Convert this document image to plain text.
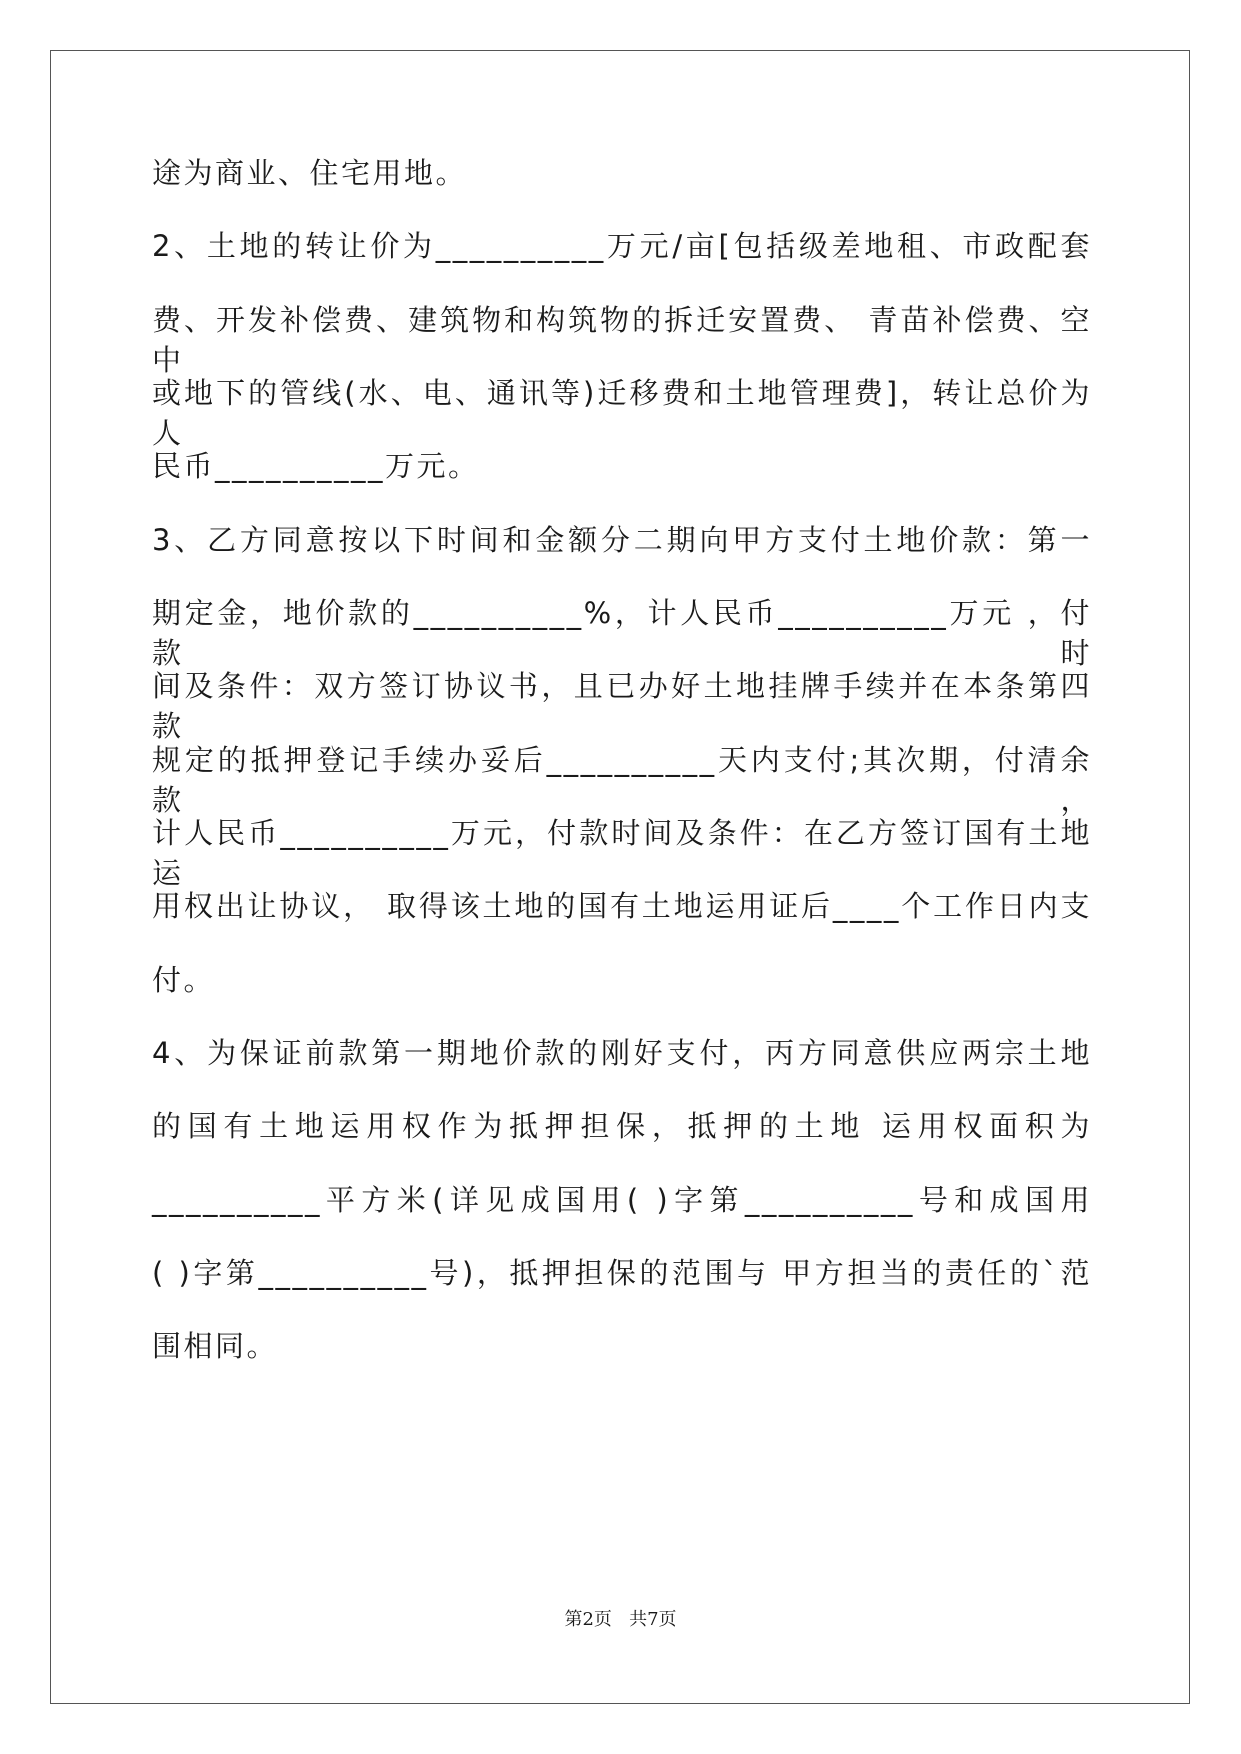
途为商业、住宅用地。
2、土地的转让价为__________万元/亩[包括级差地租、市政配套
费、开发补偿费、建筑物和构筑物的拆迁安置费、 青苗补偿费、空中
或地下的管线(水、电、通讯等)迁移费和土地管理费]，转让总价为人
民币__________万元。
3、乙方同意按以下时间和金额分二期向甲方支付土地价款：第一
期定金，地价款的__________%，计人民币__________万元 ，付款时
间及条件：双方签订协议书，且已办好土地挂牌手续并在本条第四款
规定的抵押登记手续办妥后__________天内支付;其次期，付清余款，
计人民币__________万元，付款时间及条件：在乙方签订国有土地运
用权出让协议， 取得该土地的国有土地运用证后____个工作日内支
付。
4、为保证前款第一期地价款的刚好支付，丙方同意供应两宗土地
的国有土地运用权作为抵押担保，抵押的土地 运用权面积为
__________平方米(详见成国用( )字第__________号和成国用
( )字第__________号)，抵押担保的范围与 甲方担当的责任的`范
围相同。
第2页   共7页
